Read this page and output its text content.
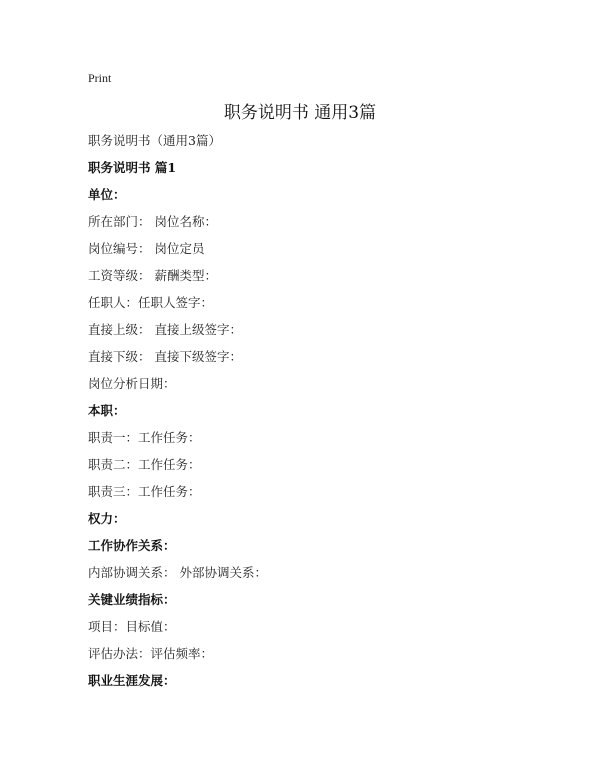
Print
职务说明书 通用3篇
职务说明书（通用3篇）
职务说明书 篇1
单位：
所在部门： 岗位名称：
岗位编号： 岗位定员
工资等级： 薪酬类型：
任职人：任职人签字：
直接上级： 直接上级签字：
直接下级： 直接下级签字：
岗位分析日期：
本职：
职责一：工作任务：
职责二：工作任务：
职责三：工作任务：
权力：
工作协作关系：
内部协调关系： 外部协调关系：
关键业绩指标：
项目：目标值：
评估办法：评估频率：
职业生涯发展：
